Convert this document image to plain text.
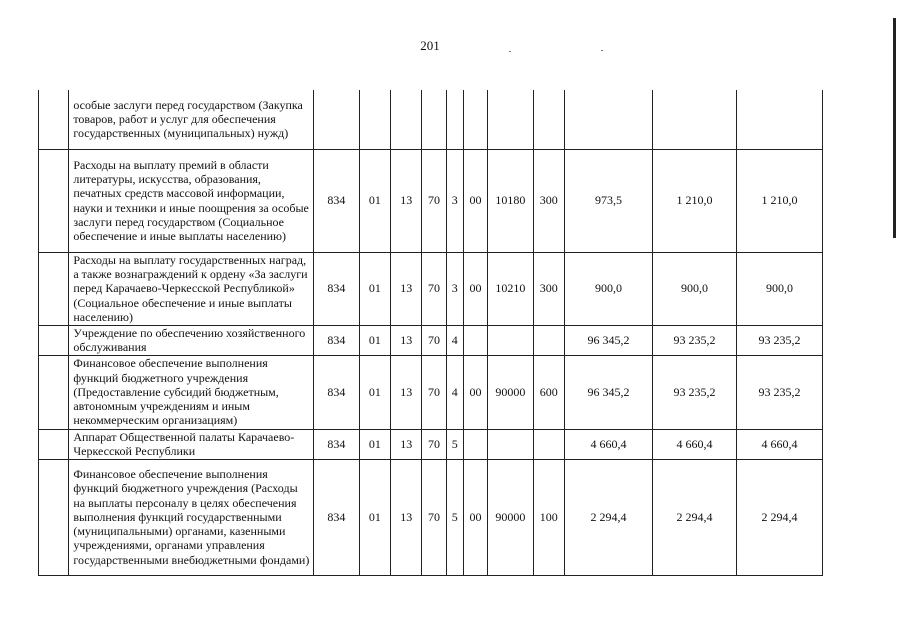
201
	особые заслуги перед государством (Закупка товаров, работ и услуг для обеспечения государственных (муниципальных) нужд)											
	Расходы на выплату премий в области литературы, искусства, образования, печатных средств массовой информации, науки и техники и иные поощрения за особые заслуги перед государством (Социальное обеспечение и иные выплаты населению)	834	01	13	70	3	00	10180	300	973,5	1 210,0	1 210,0
	Расходы на выплату государственных наград, а также вознаграждений к ордену «За заслуги перед Карачаево-Черкесской Республикой» (Социальное обеспечение и иные выплаты населению)	834	01	13	70	3	00	10210	300	900,0	900,0	900,0
	Учреждение по обеспечению хозяйственного обслуживания	834	01	13	70	4				96 345,2	93 235,2	93 235,2
	Финансовое обеспечение выполнения функций бюджетного учреждения (Предоставление субсидий бюджетным, автономным учреждениям и иным некоммерческим организациям)	834	01	13	70	4	00	90000	600	96 345,2	93 235,2	93 235,2
	Аппарат Общественной палаты Карачаево-Черкесской Республики	834	01	13	70	5				4 660,4	4 660,4	4 660,4
	Финансовое обеспечение выполнения функций бюджетного учреждения (Расходы на выплаты персоналу в целях обеспечения выполнения функций государственными (муниципальными) органами, казенными учреждениями, органами управления государственными внебюджетными фондами)	834	01	13	70	5	00	90000	100	2 294,4	2 294,4	2 294,4
